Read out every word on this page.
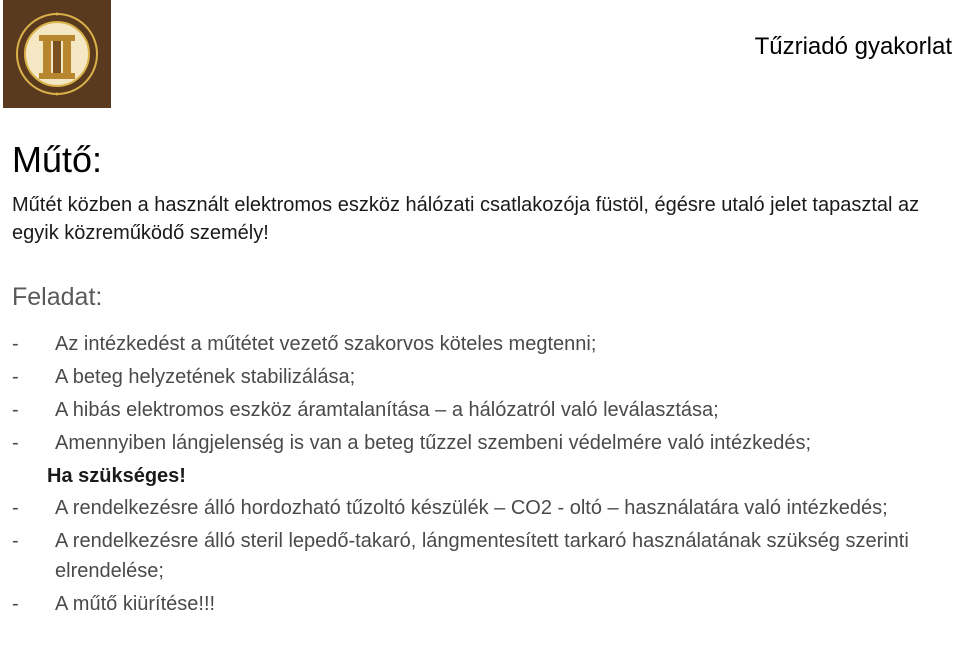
Tűzriadó gyakorlat
Műtő:
Műtét közben a használt elektromos eszköz hálózati csatlakozója füstöl, égésre utaló jelet tapasztal az egyik közreműködő személy!
Feladat:
- Az intézkedést a műtétet vezető szakorvos köteles megtenni;
- A beteg helyzetének stabilizálása;
- A hibás elektromos eszköz áramtalanítása – a hálózatról való leválasztása;
- Amennyiben lángjelenség is van a beteg tűzzel szembeni védelmére való intézkedés;
Ha szükséges!
- A rendelkezésre álló hordozható tűzoltó készülék – CO2 - oltó – használatára való intézkedés;
- A rendelkezésre álló steril lepedő-takaró, lángmentesített tarkaró használatának szükség szerinti elrendelése;
- A műtő kiürítése!!!
